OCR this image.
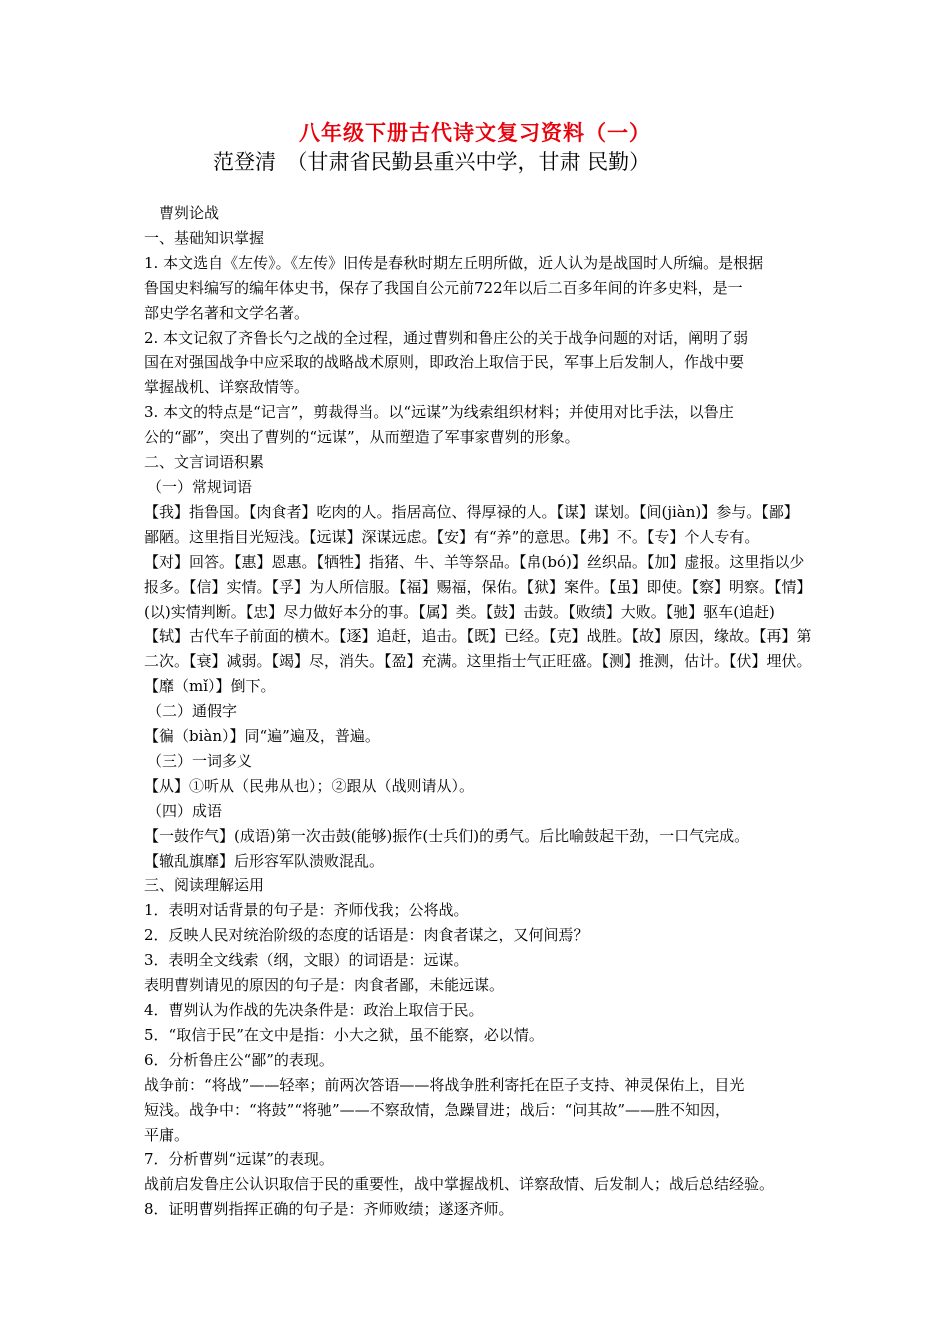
八年级下册古代诗文复习资料（一）
范登清　（甘肃省民勤县重兴中学，甘肃 民勤）

曹刿论战

一、基础知识掌握

1. 本文选自《左传》。《左传》旧传是春秋时期左丘明所做，近人认为是战国时人所编。是根据

鲁国史料编写的编年体史书，保存了我国自公元前722年以后二百多年间的许多史料，是一

部史学名著和文学名著。

2. 本文记叙了齐鲁长勺之战的全过程，通过曹刿和鲁庄公的关于战争问题的对话，阐明了弱

国在对强国战争中应采取的战略战术原则，即政治上取信于民，军事上后发制人，作战中要

掌握战机、详察敌情等。

3. 本文的特点是“记言”，剪裁得当。以“远谋”为线索组织材料；并使用对比手法，以鲁庄

公的“鄙”，突出了曹刿的“远谋”，从而塑造了军事家曹刿的形象。

二、文言词语积累

（一）常规词语

【我】指鲁国。【肉食者】吃肉的人。指居高位、得厚禄的人。【谋】谋划。【间(jiàn)】参与。【鄙】

鄙陋。这里指目光短浅。【远谋】深谋远虑。【安】有“养”的意思。【弗】不。【专】个人专有。

【对】回答。【惠】恩惠。【牺牲】指猪、牛、羊等祭品。【帛(bó)】丝织品。【加】虚报。这里指以少

报多。【信】实情。【孚】为人所信服。【福】赐福，保佑。【狱】案件。【虽】即使。【察】明察。【情】

(以)实情判断。【忠】尽力做好本分的事。【属】类。【鼓】击鼓。【败绩】大败。【驰】驱车(追赶)

【轼】古代车子前面的横木。【逐】追赶，追击。【既】已经。【克】战胜。【故】原因，缘故。【再】第

二次。【衰】减弱。【竭】尽，消失。【盈】充满。这里指士气正旺盛。【测】推测，估计。【伏】埋伏。

【靡（mǐ）】倒下。

（二）通假字

【徧（biàn）】同“遍”遍及，普遍。

（三）一词多义

【从】①听从（民弗从也）；②跟从（战则请从）。

（四）成语

【一鼓作气】(成语)第一次击鼓(能够)振作(士兵们)的勇气。后比喻鼓起干劲，一口气完成。

【辙乱旗靡】后形容军队溃败混乱。

三、阅读理解运用

1．表明对话背景的句子是：齐师伐我；公将战。

2．反映人民对统治阶级的态度的话语是：肉食者谋之，又何间焉？

3．表明全文线索（纲，文眼）的词语是：远谋。

表明曹刿请见的原因的句子是：肉食者鄙，未能远谋。

4．曹刿认为作战的先决条件是：政治上取信于民。

5．“取信于民”在文中是指：小大之狱，虽不能察，必以情。

6．分析鲁庄公“鄙”的表现。

战争前：“将战”——轻率；前两次答语——将战争胜利寄托在臣子支持、神灵保佑上，目光

短浅。战争中：“将鼓”“将驰”——不察敌情，急躁冒进；战后：“问其故”——胜不知因，

平庸。

7．分析曹刿“远谋”的表现。

战前启发鲁庄公认识取信于民的重要性，战中掌握战机、详察敌情、后发制人；战后总结经验。

8．证明曹刿指挥正确的句子是：齐师败绩；遂逐齐师。
